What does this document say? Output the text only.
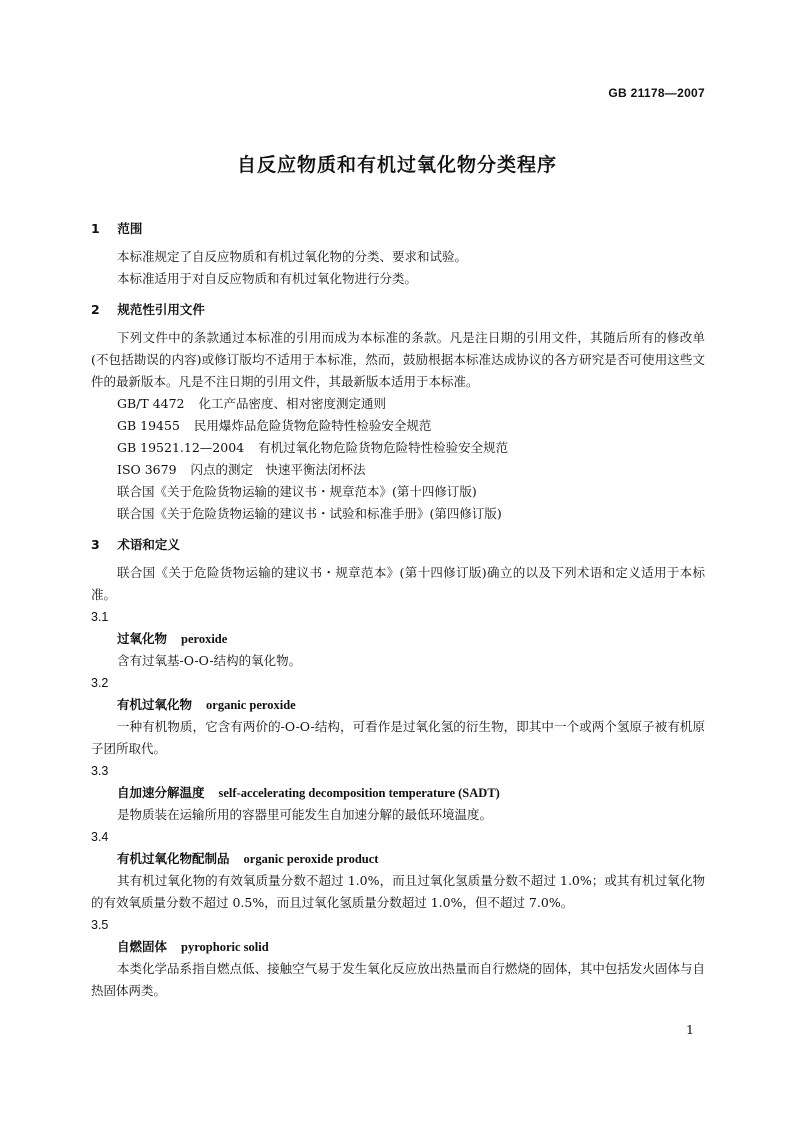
GB 21178—2007
自反应物质和有机过氧化物分类程序

1 范围

本标准规定了自反应物质和有机过氧化物的分类、要求和试验。

本标准适用于对自反应物质和有机过氧化物进行分类。

2 规范性引用文件

下列文件中的条款通过本标准的引用而成为本标准的条款。凡是注日期的引用文件，其随后所有的修改单(不包括勘误的内容)或修订版均不适用于本标准，然而，鼓励根据本标准达成协议的各方研究是否可使用这些文件的最新版本。凡是不注日期的引用文件，其最新版本适用于本标准。

GB/T 4472 化工产品密度、相对密度测定通则

GB 19455 民用爆炸品危险货物危险特性检验安全规范

GB 19521.12—2004 有机过氧化物危险货物危险特性检验安全规范

ISO 3679 闪点的测定　快速平衡法闭杯法

联合国《关于危险货物运输的建议书・规章范本》(第十四修订版)

联合国《关于危险货物运输的建议书・试验和标准手册》(第四修订版)

3 术语和定义

联合国《关于危险货物运输的建议书・规章范本》(第十四修订版)确立的以及下列术语和定义适用于本标准。

3.1

过氧化物 peroxide

含有过氧基-O-O-结构的氧化物。

3.2

有机过氧化物 organic peroxide

一种有机物质，它含有两价的-O-O-结构，可看作是过氧化氢的衍生物，即其中一个或两个氢原子被有机原子团所取代。

3.3

自加速分解温度 self-accelerating decomposition temperature (SADT)

是物质装在运输所用的容器里可能发生自加速分解的最低环境温度。

3.4

有机过氧化物配制品 organic peroxide product

其有机过氧化物的有效氧质量分数不超过 1.0%，而且过氧化氢质量分数不超过 1.0%；或其有机过氧化物的有效氧质量分数不超过 0.5%，而且过氧化氢质量分数超过 1.0%，但不超过 7.0%。

3.5

自燃固体 pyrophoric solid

本类化学品系指自燃点低、接触空气易于发生氧化反应放出热量而自行燃烧的固体，其中包括发火固体与自热固体两类。

1
